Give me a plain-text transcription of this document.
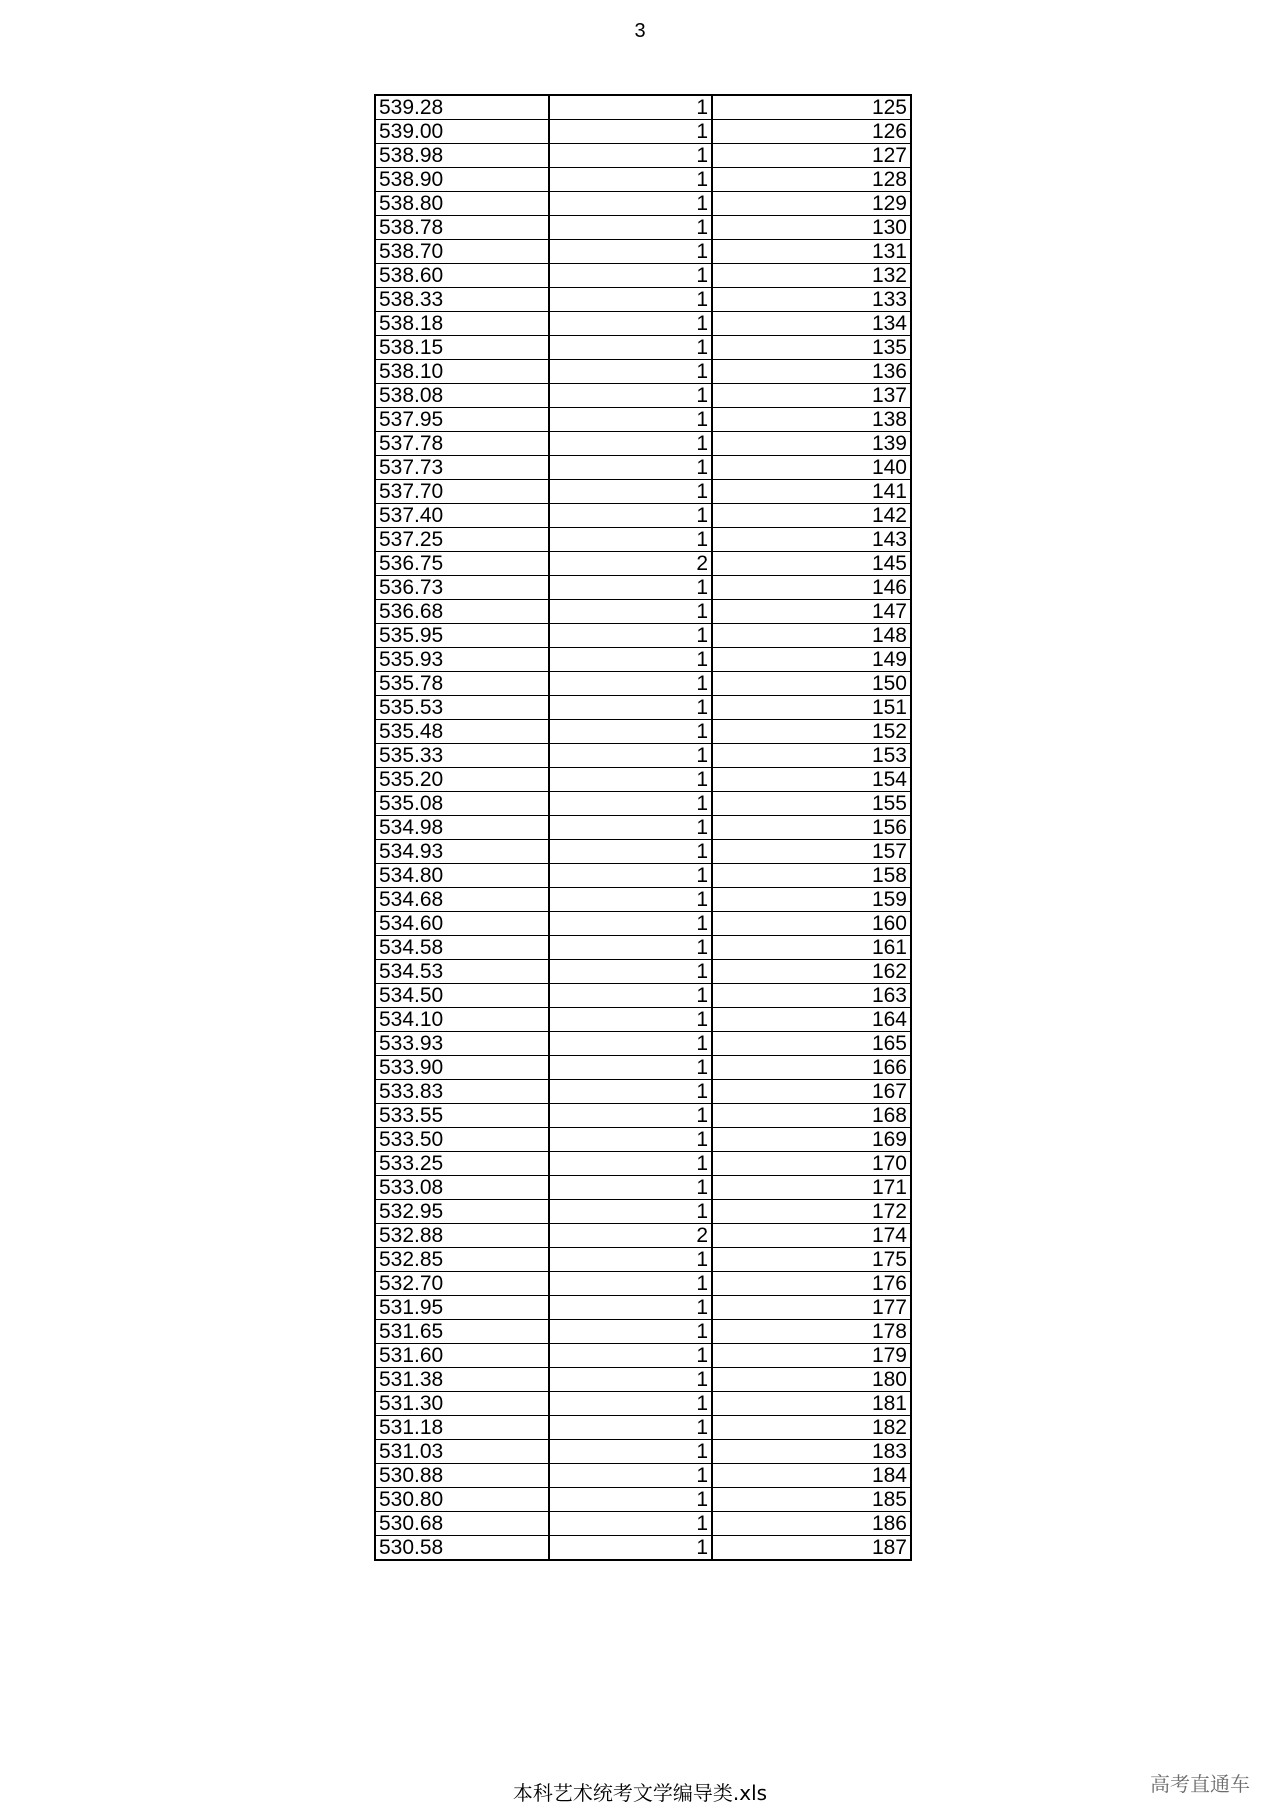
3
539.28	1	125
539.00	1	126
538.98	1	127
538.90	1	128
538.80	1	129
538.78	1	130
538.70	1	131
538.60	1	132
538.33	1	133
538.18	1	134
538.15	1	135
538.10	1	136
538.08	1	137
537.95	1	138
537.78	1	139
537.73	1	140
537.70	1	141
537.40	1	142
537.25	1	143
536.75	2	145
536.73	1	146
536.68	1	147
535.95	1	148
535.93	1	149
535.78	1	150
535.53	1	151
535.48	1	152
535.33	1	153
535.20	1	154
535.08	1	155
534.98	1	156
534.93	1	157
534.80	1	158
534.68	1	159
534.60	1	160
534.58	1	161
534.53	1	162
534.50	1	163
534.10	1	164
533.93	1	165
533.90	1	166
533.83	1	167
533.55	1	168
533.50	1	169
533.25	1	170
533.08	1	171
532.95	1	172
532.88	2	174
532.85	1	175
532.70	1	176
531.95	1	177
531.65	1	178
531.60	1	179
531.38	1	180
531.30	1	181
531.18	1	182
531.03	1	183
530.88	1	184
530.80	1	185
530.68	1	186
530.58	1	187
本科艺术统考文学编导类.xls	高考直通车
